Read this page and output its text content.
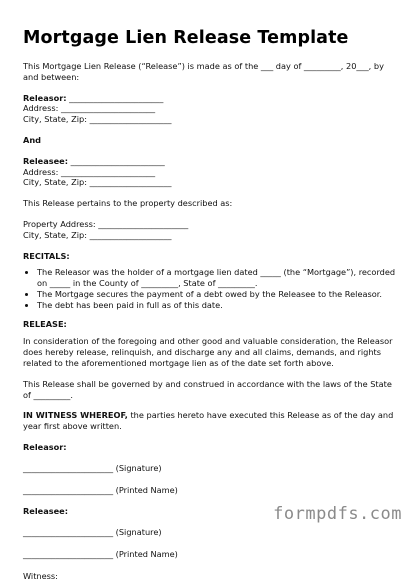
Mortgage Lien Release Template

This Mortgage Lien Release (“Release”) is made as of the ___ day of _________, 20___, by and between:

Releasor: _______________________

Address: _______________________

City, State, Zip: ____________________

And

Releasee: _______________________

Address: _______________________

City, State, Zip: ____________________

This Release pertains to the property described as:

Property Address: ______________________

City, State, Zip: ____________________

RECITALS:

• The Releasor was the holder of a mortgage lien dated _____ (the “Mortgage”), recorded on _____ in the County of _________, State of _________.
• The Mortgage secures the payment of a debt owed by the Releasee to the Releasor.
• The debt has been paid in full as of this date.

RELEASE:

In consideration of the foregoing and other good and valuable consideration, the Releasor does hereby release, relinquish, and discharge any and all claims, demands, and rights related to the aforementioned mortgage lien as of the date set forth above.

This Release shall be governed by and construed in accordance with the laws of the State of _________.

IN WITNESS WHEREOF, the parties hereto have executed this Release as of the day and year first above written.

Releasor:

______________________ (Signature)

______________________ (Printed Name)

Releasee:

______________________ (Signature)

______________________ (Printed Name)

Witness:

formpdfs.com
